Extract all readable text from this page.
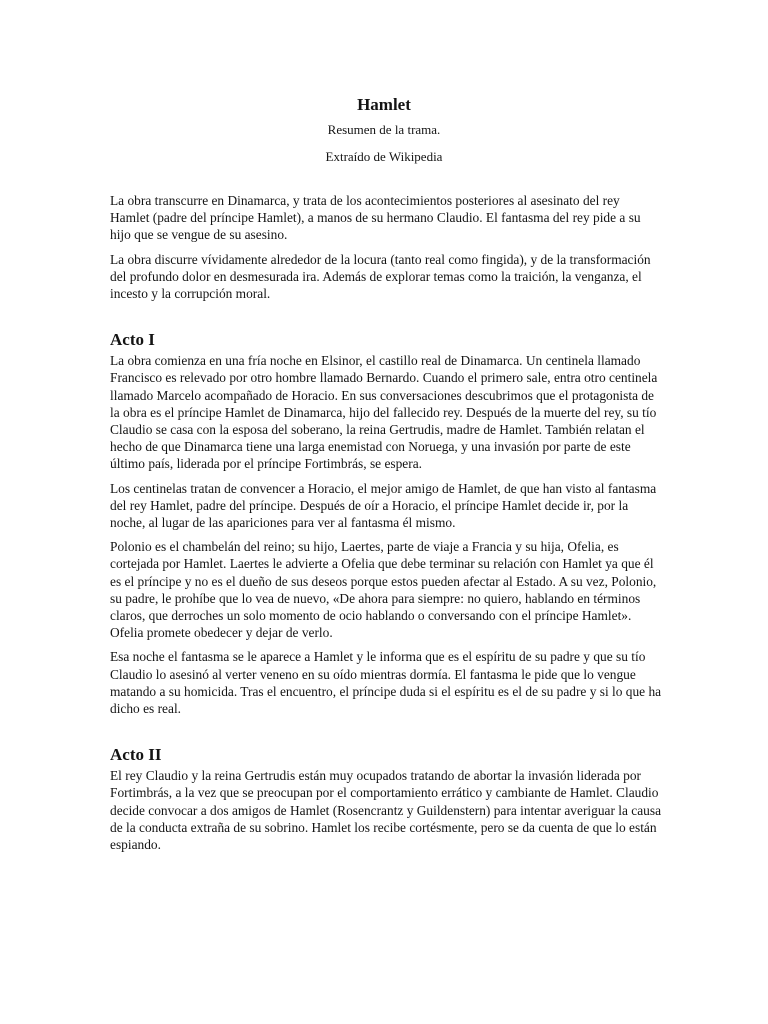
Hamlet
Resumen de la trama.
Extraído de Wikipedia

La obra transcurre en Dinamarca, y trata de los acontecimientos posteriores al asesinato del rey Hamlet (padre del príncipe Hamlet), a manos de su hermano Claudio. El fantasma del rey pide a su hijo que se vengue de su asesino.

La obra discurre vívidamente alrededor de la locura (tanto real como fingida), y de la transformación del profundo dolor en desmesurada ira. Además de explorar temas como la traición, la venganza, el incesto y la corrupción moral.

Acto I

La obra comienza en una fría noche en Elsinor, el castillo real de Dinamarca. Un centinela llamado Francisco es relevado por otro hombre llamado Bernardo. Cuando el primero sale, entra otro centinela llamado Marcelo acompañado de Horacio. En sus conversaciones descubrimos que el protagonista de la obra es el príncipe Hamlet de Dinamarca, hijo del fallecido rey. Después de la muerte del rey, su tío Claudio se casa con la esposa del soberano, la reina Gertrudis, madre de Hamlet. También relatan el hecho de que Dinamarca tiene una larga enemistad con Noruega, y una invasión por parte de este último país, liderada por el príncipe Fortimbrás, se espera.

Los centinelas tratan de convencer a Horacio, el mejor amigo de Hamlet, de que han visto al fantasma del rey Hamlet, padre del príncipe. Después de oír a Horacio, el príncipe Hamlet decide ir, por la noche, al lugar de las apariciones para ver al fantasma él mismo.

Polonio es el chambelán del reino; su hijo, Laertes, parte de viaje a Francia y su hija, Ofelia, es cortejada por Hamlet. Laertes le advierte a Ofelia que debe terminar su relación con Hamlet ya que él es el príncipe y no es el dueño de sus deseos porque estos pueden afectar al Estado. A su vez, Polonio, su padre, le prohíbe que lo vea de nuevo, «De ahora para siempre: no quiero, hablando en términos claros, que derroches un solo momento de ocio hablando o conversando con el príncipe Hamlet». Ofelia promete obedecer y dejar de verlo.

Esa noche el fantasma se le aparece a Hamlet y le informa que es el espíritu de su padre y que su tío Claudio lo asesinó al verter veneno en su oído mientras dormía. El fantasma le pide que lo vengue matando a su homicida. Tras el encuentro, el príncipe duda si el espíritu es el de su padre y si lo que ha dicho es real.

Acto II

El rey Claudio y la reina Gertrudis están muy ocupados tratando de abortar la invasión liderada por Fortimbrás, a la vez que se preocupan por el comportamiento errático y cambiante de Hamlet. Claudio decide convocar a dos amigos de Hamlet (Rosencrantz y Guildenstern) para intentar averiguar la causa de la conducta extraña de su sobrino. Hamlet los recibe cortésmente, pero se da cuenta de que lo están espiando.
